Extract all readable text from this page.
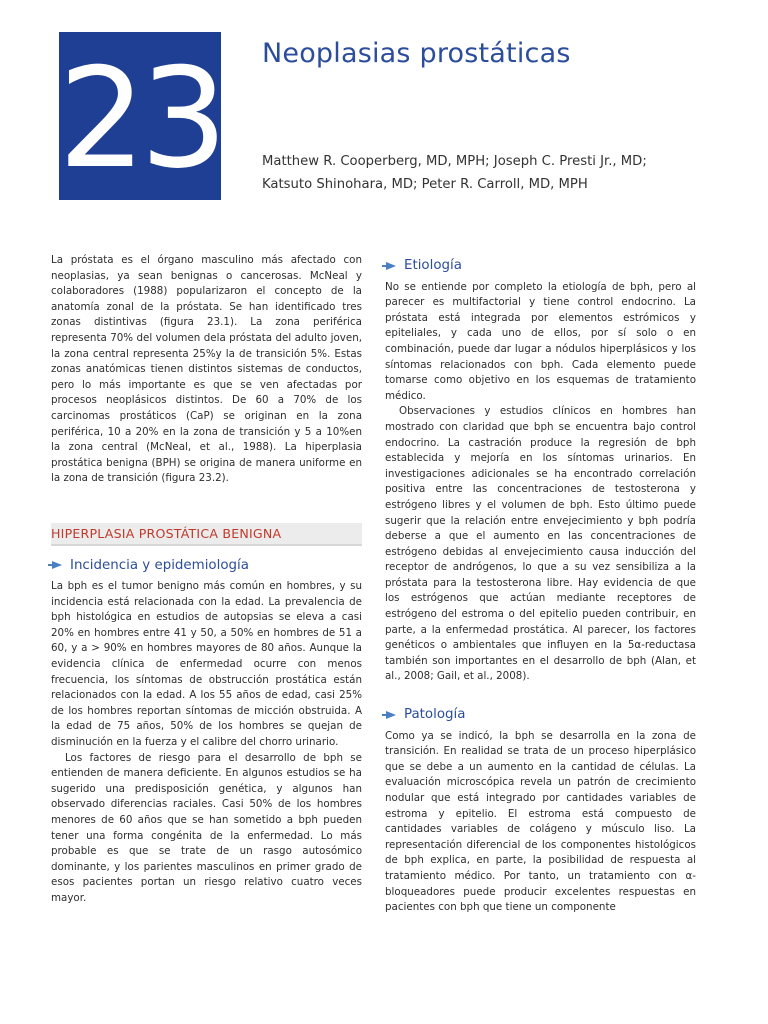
23 Neoplasias prostáticas
Matthew R. Cooperberg, MD, MPH; Joseph C. Presti Jr., MD;
Katsuto Shinohara, MD; Peter R. Carroll, MD, MPH

La próstata es el órgano masculino más afectado con neoplasias, ya sean benignas o cancerosas. McNeal y colaboradores (1988) popularizaron el concepto de la anatomía zonal de la próstata. Se han identificado tres zonas distintivas (figura 23.1). La zona periférica representa 70% del volumen dela próstata del adulto joven, la zona central representa 25%y la de transición 5%. Estas zonas anatómicas tienen distintos sistemas de conductos, pero lo más importante es que se ven afectadas por procesos neoplásicos distintos. De 60 a 70% de los carcinomas prostáticos (CaP) se originan en la zona periférica, 10 a 20% en la zona de transición y 5 a 10%en la zona central (McNeal, et al., 1988). La hiperplasia prostática benigna (BPH) se origina de manera uniforme en la zona de transición (figura 23.2).

HIPERPLASIA PROSTÁTICA BENIGNA
Incidencia y epidemiología

La bph es el tumor benigno más común en hombres, y su incidencia está relacionada con la edad. La prevalencia de bph histológica en estudios de autopsias se eleva a casi 20% en hombres entre 41 y 50, a 50% en hombres de 51 a 60, y a > 90% en hombres mayores de 80 años. Aunque la evidencia clínica de enfermedad ocurre con menos frecuencia, los síntomas de obstrucción prostática están relacionados con la edad. A los 55 años de edad, casi 25% de los hombres reportan síntomas de micción obstruida. A la edad de 75 años, 50% de los hombres se quejan de disminución en la fuerza y el calibre del chorro urinario.

Los factores de riesgo para el desarrollo de bph se entienden de manera deficiente. En algunos estudios se ha sugerido una predisposición genética, y algunos han observado diferencias raciales. Casi 50% de los hombres menores de 60 años que se han sometido a bph pueden tener una forma congénita de la enfermedad. Lo más probable es que se trate de un rasgo autosómico dominante, y los parientes masculinos en primer grado de esos pacientes portan un riesgo relativo cuatro veces mayor.

Etiología

No se entiende por completo la etiología de bph, pero al parecer es multifactorial y tiene control endocrino. La próstata está integrada por elementos estrómicos y epiteliales, y cada uno de ellos, por sí solo o en combinación, puede dar lugar a nódulos hiperplásicos y los síntomas relacionados con bph. Cada elemento puede tomarse como objetivo en los esquemas de tratamiento médico.

Observaciones y estudios clínicos en hombres han mostrado con claridad que bph se encuentra bajo control endocrino. La castración produce la regresión de bph establecida y mejoría en los síntomas urinarios. En investigaciones adicionales se ha encontrado correlación positiva entre las concentraciones de testosterona y estrógeno libres y el volumen de bph. Esto último puede sugerir que la relación entre envejecimiento y bph podría deberse a que el aumento en las concentraciones de estrógeno debidas al envejecimiento causa inducción del receptor de andrógenos, lo que a su vez sensibiliza a la próstata para la testosterona libre. Hay evidencia de que los estrógenos que actúan mediante receptores de estrógeno del estroma o del epitelio pueden contribuir, en parte, a la enfermedad prostática. Al parecer, los factores genéticos o ambientales que influyen en la 5α-reductasa también son importantes en el desarrollo de bph (Alan, et al., 2008; Gail, et al., 2008).

Patología

Como ya se indicó, la bph se desarrolla en la zona de transición. En realidad se trata de un proceso hiperplásico que se debe a un aumento en la cantidad de células. La evaluación microscópica revela un patrón de crecimiento nodular que está integrado por cantidades variables de estroma y epitelio. El estroma está compuesto de cantidades variables de colágeno y músculo liso. La representación diferencial de los componentes histológicos de bph explica, en parte, la posibilidad de respuesta al tratamiento médico. Por tanto, un tratamiento con α-bloqueadores puede producir excelentes respuestas en pacientes con bph que tiene un componente
